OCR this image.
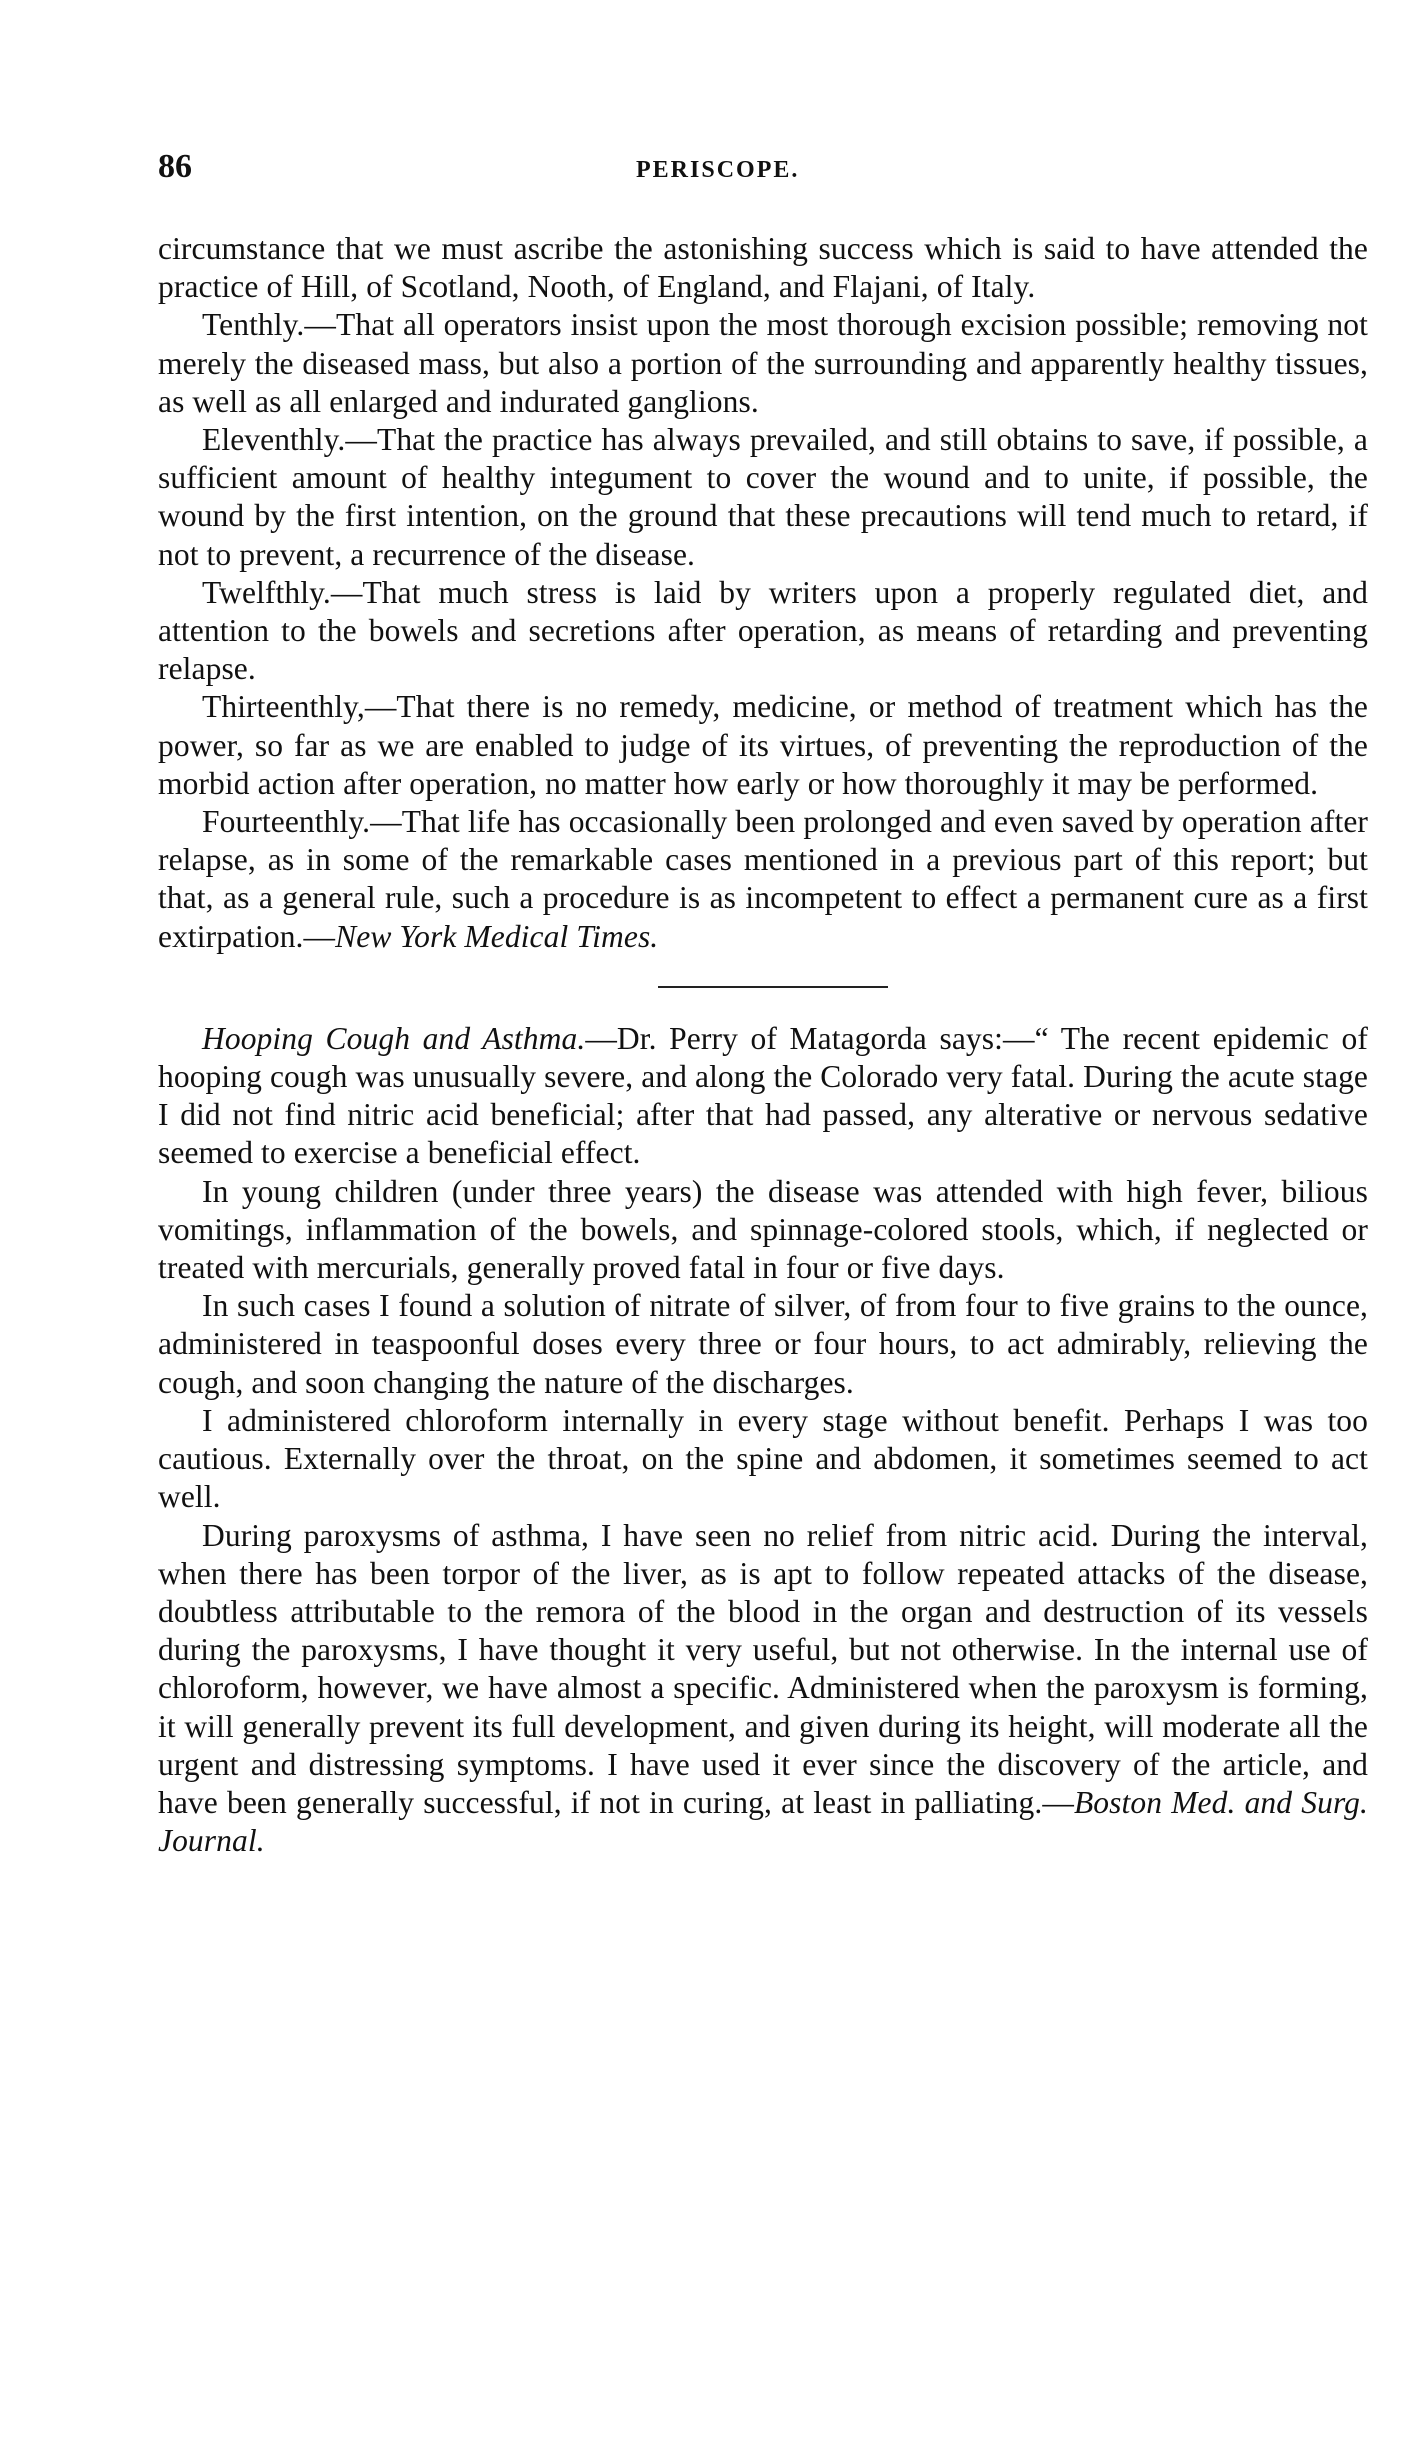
86	PERISCOPE.

circumstance that we must ascribe the astonishing success which is said to have attended the practice of Hill, of Scotland, Nooth, of England, and Flajani, of Italy.

Tenthly.—That all operators insist upon the most thorough excision possible; removing not merely the diseased mass, but also a portion of the surrounding and apparently healthy tissues, as well as all enlarged and indurated ganglions.

Eleventhly.—That the practice has always prevailed, and still obtains to save, if possible, a sufficient amount of healthy integument to cover the wound and to unite, if possible, the wound by the first intention, on the ground that these precautions will tend much to retard, if not to prevent, a recurrence of the disease.

Twelfthly.—That much stress is laid by writers upon a properly regulated diet, and attention to the bowels and secretions after operation, as means of retarding and preventing relapse.

Thirteenthly,—That there is no remedy, medicine, or method of treatment which has the power, so far as we are enabled to judge of its virtues, of preventing the reproduction of the morbid action after operation, no matter how early or how thoroughly it may be performed.

Fourteenthly.—That life has occasionally been prolonged and even saved by operation after relapse, as in some of the remarkable cases mentioned in a previous part of this report; but that, as a general rule, such a procedure is as incompetent to effect a permanent cure as a first extirpation.—New York Medical Times.

Hooping Cough and Asthma.—Dr. Perry of Matagorda says:—“ The recent epidemic of hooping cough was unusually severe, and along the Colorado very fatal. During the acute stage I did not find nitric acid beneficial; after that had passed, any alterative or nervous sedative seemed to exercise a beneficial effect.

In young children (under three years) the disease was attended with high fever, bilious vomitings, inflammation of the bowels, and spinnage-colored stools, which, if neglected or treated with mercurials, generally proved fatal in four or five days.

In such cases I found a solution of nitrate of silver, of from four to five grains to the ounce, administered in teaspoonful doses every three or four hours, to act admirably, relieving the cough, and soon changing the nature of the discharges.

I administered chloroform internally in every stage without benefit. Perhaps I was too cautious. Externally over the throat, on the spine and abdomen, it sometimes seemed to act well.

During paroxysms of asthma, I have seen no relief from nitric acid. During the interval, when there has been torpor of the liver, as is apt to follow repeated attacks of the disease, doubtless attributable to the remora of the blood in the organ and destruction of its vessels during the paroxysms, I have thought it very useful, but not otherwise. In the internal use of chloroform, however, we have almost a specific. Administered when the paroxysm is forming, it will generally prevent its full development, and given during its height, will moderate all the urgent and distressing symptoms. I have used it ever since the discovery of the article, and have been generally successful, if not in curing, at least in palliating.—Boston Med. and Surg. Journal.
